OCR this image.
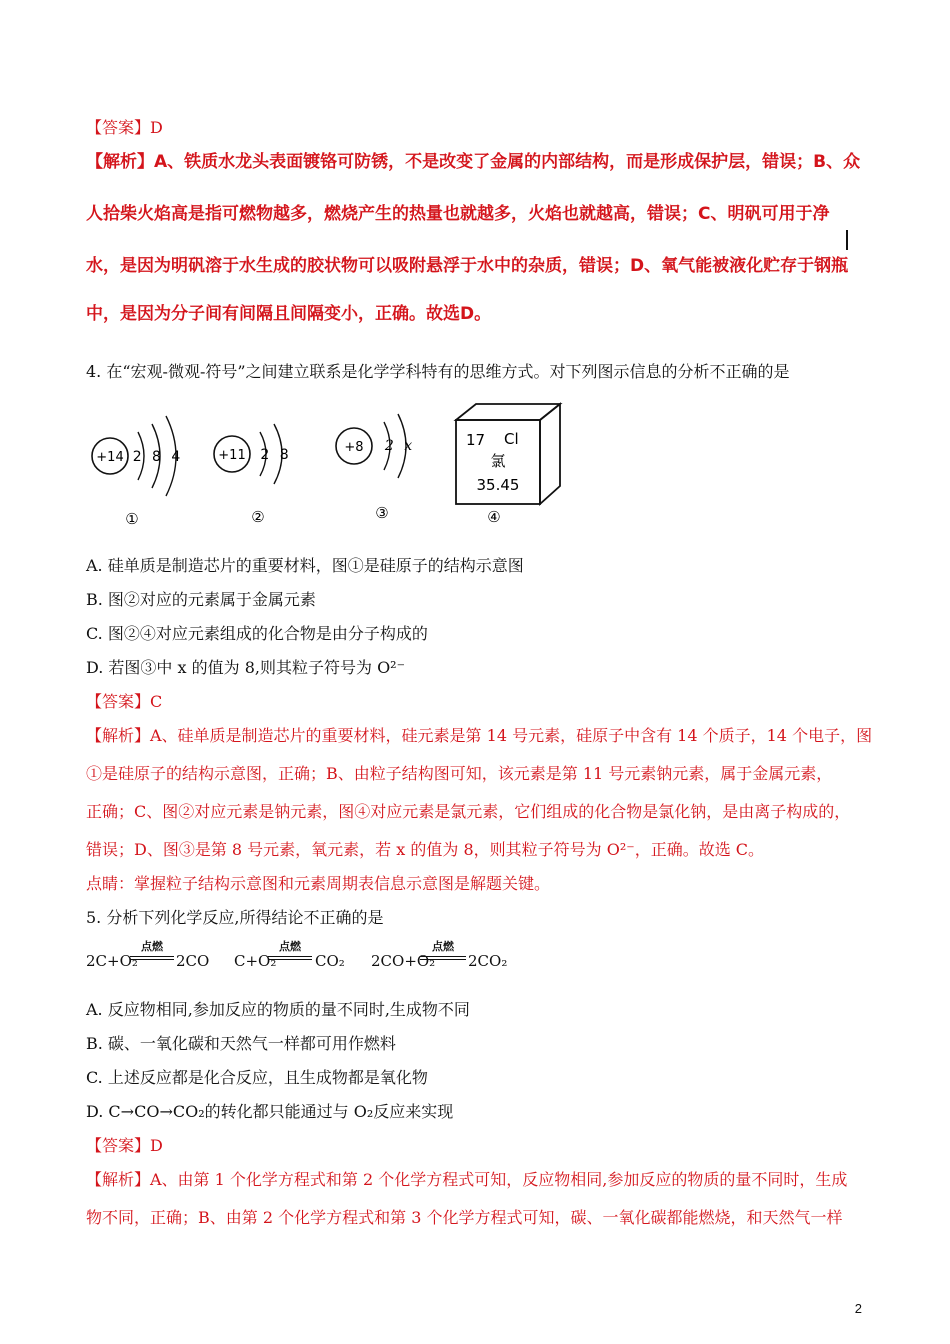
【答案】D
【解析】A、铁质水龙头表面镀铬可防锈，不是改变了金属的内部结构，而是形成保护层，错误；B、众
人拾柴火焰高是指可燃物越多，燃烧产生的热量也就越多，火焰也就越高，错误；C、明矾可用于净
水，是因为明矾溶于水生成的胶状物可以吸附悬浮于水中的杂质，错误；D、氧气能被液化贮存于钢瓶
中，是因为分子间有间隔且间隔变小，正确。故选D。
4. 在“宏观-微观-符号”之间建立联系是化学学科特有的思维方式。对下列图示信息的分析不正确的是
+14 2 8 4
①
+11 2 8
②
+8 2 x
③
17 Cl
氯
35.45
④
A. 硅单质是制造芯片的重要材料，图①是硅原子的结构示意图
B. 图②对应的元素属于金属元素
C. 图②④对应元素组成的化合物是由分子构成的
D. 若图③中 x 的值为 8,则其粒子符号为 O²⁻
【答案】C
【解析】A、硅单质是制造芯片的重要材料，硅元素是第 14 号元素，硅原子中含有 14 个质子，14 个电子，图
①是硅原子的结构示意图，正确；B、由粒子结构图可知，该元素是第 11 号元素钠元素，属于金属元素，
正确；C、图②对应元素是钠元素，图④对应元素是氯元素，它们组成的化合物是氯化钠，是由离子构成的，
错误；D、图③是第 8 号元素，氧元素，若 x 的值为 8，则其粒子符号为 O²⁻，正确。故选 C。
点睛：掌握粒子结构示意图和元素周期表信息示意图是解题关键。
5. 分析下列化学反应,所得结论不正确的是
2C+O₂
点燃
2CO C+O₂
点燃
CO₂ 2CO+O₂
点燃
2CO₂
A. 反应物相同,参加反应的物质的量不同时,生成物不同
B. 碳、一氧化碳和天然气一样都可用作燃料
C. 上述反应都是化合反应，且生成物都是氧化物
D. C→CO→CO₂的转化都只能通过与 O₂反应来实现
【答案】D
【解析】A、由第 1 个化学方程式和第 2 个化学方程式可知，反应物相同,参加反应的物质的量不同时，生成
物不同，正确；B、由第 2 个化学方程式和第 3 个化学方程式可知，碳、一氧化碳都能燃烧，和天然气一样
2
